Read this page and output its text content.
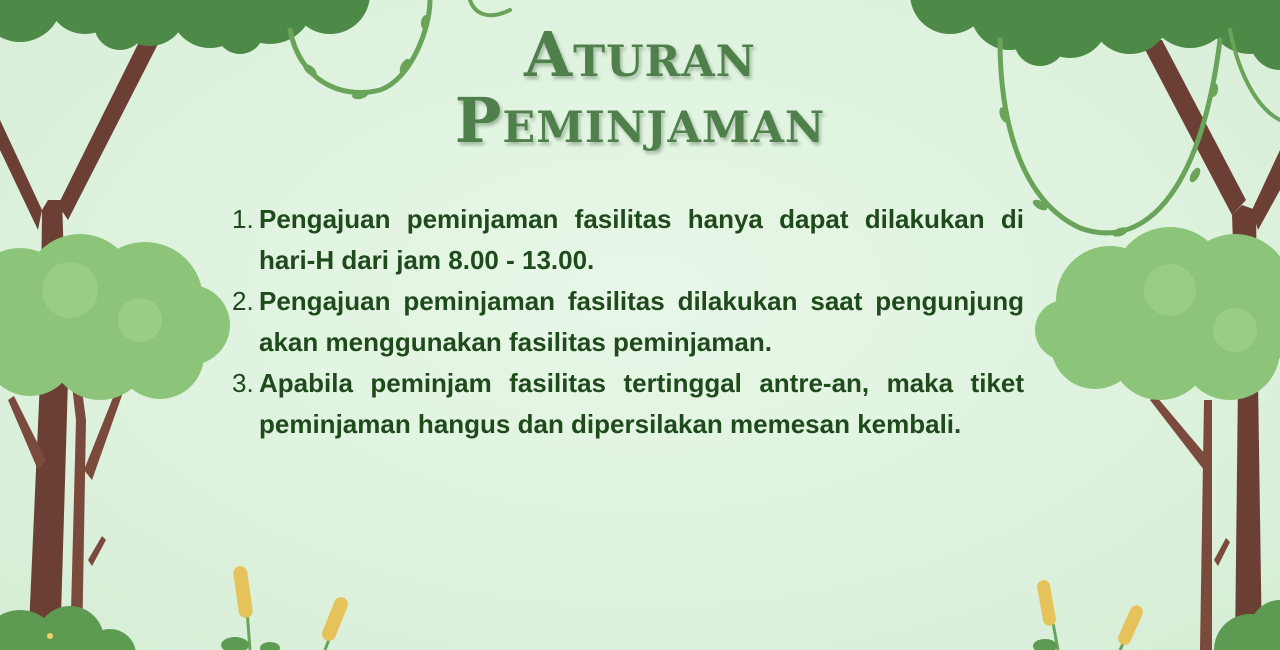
Aturan
Peminjaman
1. Pengajuan peminjaman fasilitas hanya dapat dilakukan di hari-H dari jam 8.00 - 13.00.
2. Pengajuan peminjaman fasilitas dilakukan saat pengunjung akan menggunakan fasilitas peminjaman.
3. Apabila peminjam fasilitas tertinggal antre-an, maka tiket peminjaman hangus dan dipersilakan memesan kembali.
